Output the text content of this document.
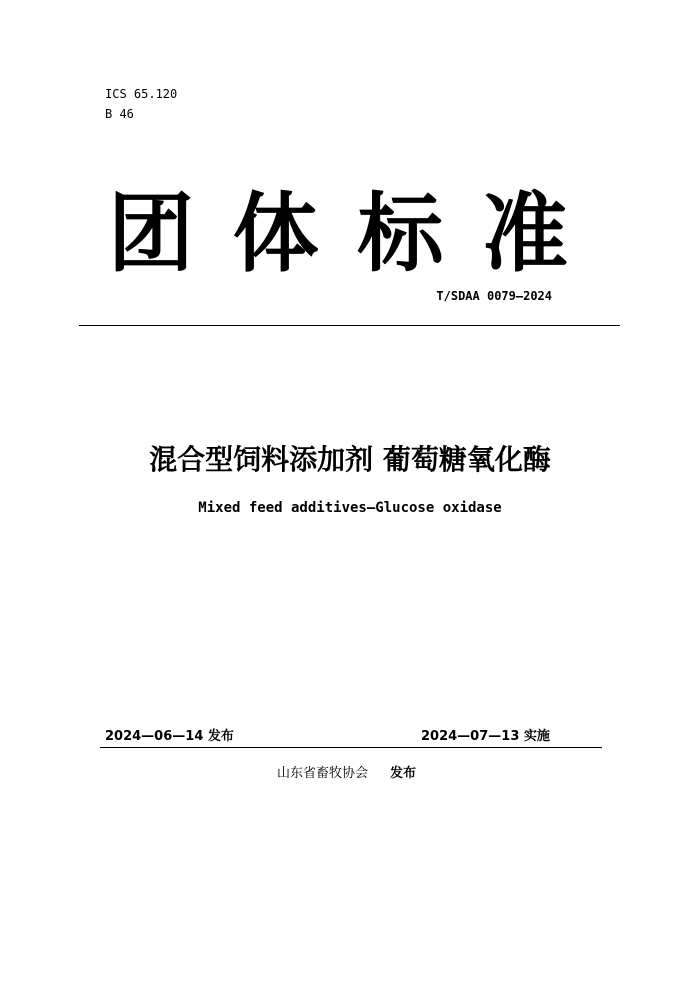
ICS 65.120
B 46
团 体 标 准
T/SDAA 0079—2024
混合型饲料添加剂 葡萄糖氧化酶
Mixed feed additives—Glucose oxidase
2024—06—14 发布	2024—07—13 实施
山东省畜牧协会 发布
